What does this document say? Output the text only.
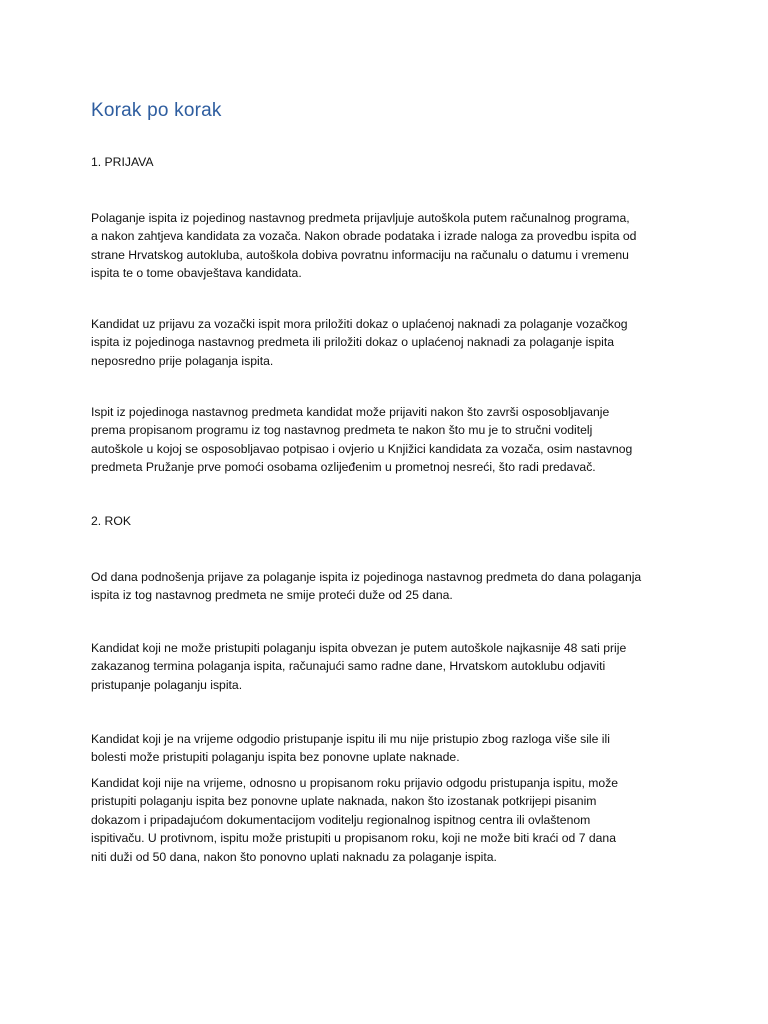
Korak po korak
1. PRIJAVA

Polaganje ispita iz pojedinog nastavnog predmeta prijavljuje autoškola putem računalnog programa,
a nakon zahtjeva kandidata za vozača. Nakon obrade podataka i izrade naloga za provedbu ispita od
strane Hrvatskog autokluba, autoškola dobiva povratnu informaciju na računalu o datumu i vremenu
ispita te o tome obavještava kandidata.

Kandidat uz prijavu za vozački ispit mora priložiti dokaz o uplaćenoj naknadi za polaganje vozačkog
ispita iz pojedinoga nastavnog predmeta ili priložiti dokaz o uplaćenoj naknadi za polaganje ispita
neposredno prije polaganja ispita.

Ispit iz pojedinoga nastavnog predmeta kandidat može prijaviti nakon što završi osposobljavanje
prema propisanom programu iz tog nastavnog predmeta te nakon što mu je to stručni voditelj
autoškole u kojoj se osposobljavao potpisao i ovjerio u Knjižici kandidata za vozača, osim nastavnog
predmeta Pružanje prve pomoći osobama ozlijeđenim u prometnoj nesreći, što radi predavač.

2. ROK

Od dana podnošenja prijave za polaganje ispita iz pojedinoga nastavnog predmeta do dana polaganja
ispita iz tog nastavnog predmeta ne smije proteći duže od 25 dana.

Kandidat koji ne može pristupiti polaganju ispita obvezan je putem autoškole najkasnije 48 sati prije
zakazanog termina polaganja ispita, računajući samo radne dane, Hrvatskom autoklubu odjaviti
pristupanje polaganju ispita.

Kandidat koji je na vrijeme odgodio pristupanje ispitu ili mu nije pristupio zbog razloga više sile ili
bolesti može pristupiti polaganju ispita bez ponovne uplate naknade.

Kandidat koji nije na vrijeme, odnosno u propisanom roku prijavio odgodu pristupanja ispitu, može
pristupiti polaganju ispita bez ponovne uplate naknada, nakon što izostanak potkrijepi pisanim
dokazom i pripadajućom dokumentacijom voditelju regionalnog ispitnog centra ili ovlaštenom
ispitivaču. U protivnom, ispitu može pristupiti u propisanom roku, koji ne može biti kraći od 7 dana
niti duži od 50 dana, nakon što ponovno uplati naknadu za polaganje ispita.
